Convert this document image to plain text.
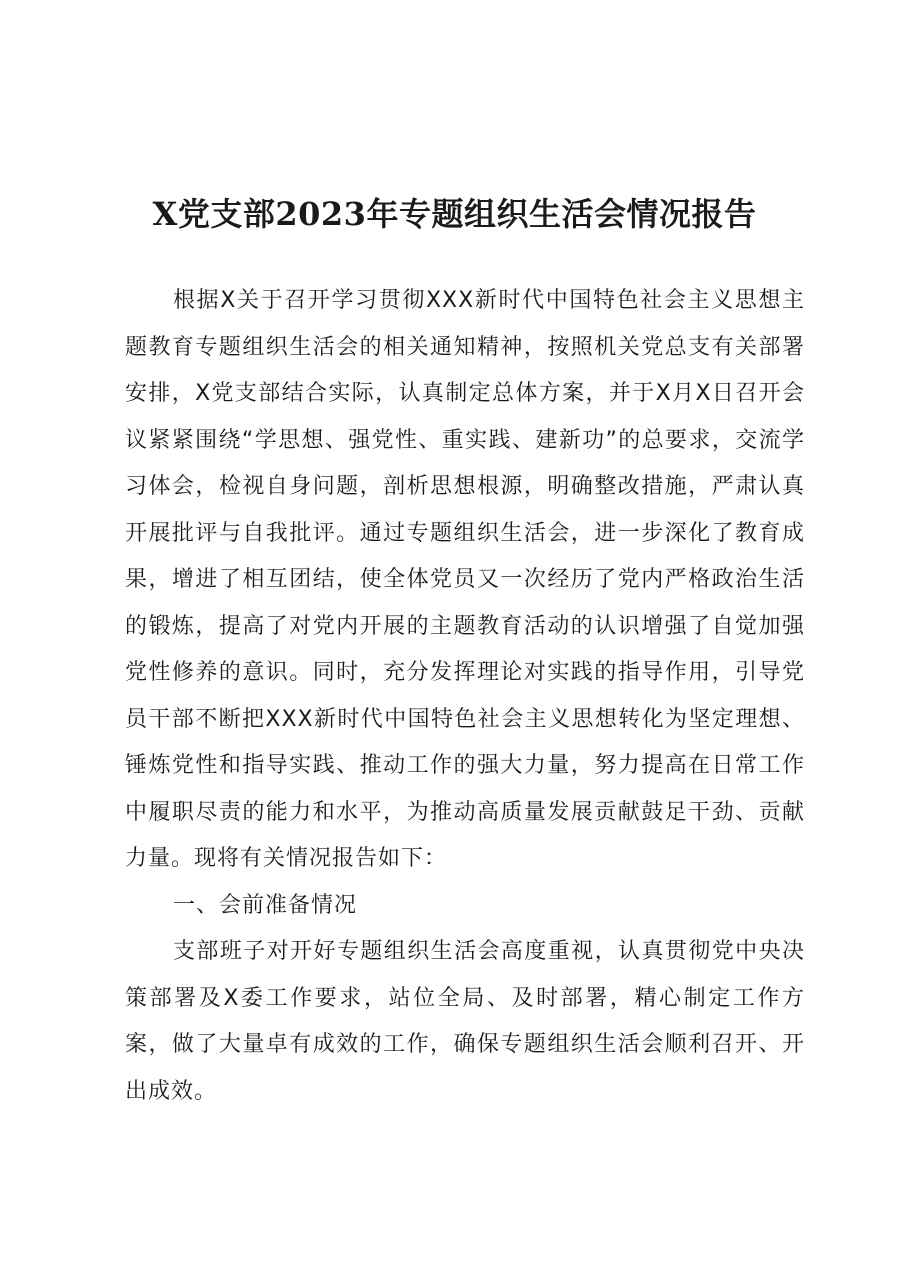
X党支部2023年专题组织生活会情况报告

根据X关于召开学习贯彻XXX新时代中国特色社会主义思想主题教育专题组织生活会的相关通知精神，按照机关党总支有关部署安排，X党支部结合实际，认真制定总体方案，并于X月X日召开会议紧紧围绕“学思想、强党性、重实践、建新功”的总要求，交流学习体会，检视自身问题，剖析思想根源，明确整改措施，严肃认真开展批评与自我批评。通过专题组织生活会，进一步深化了教育成果，增进了相互团结，使全体党员又一次经历了党内严格政治生活的锻炼，提高了对党内开展的主题教育活动的认识增强了自觉加强党性修养的意识。同时，充分发挥理论对实践的指导作用，引导党员干部不断把XXX新时代中国特色社会主义思想转化为坚定理想、锤炼党性和指导实践、推动工作的强大力量，努力提高在日常工作中履职尽责的能力和水平，为推动高质量发展贡献鼓足干劲、贡献力量。现将有关情况报告如下：

一、会前准备情况

支部班子对开好专题组织生活会高度重视，认真贯彻党中央决策部署及X委工作要求，站位全局、及时部署，精心制定工作方案，做了大量卓有成效的工作，确保专题组织生活会顺利召开、开出成效。
